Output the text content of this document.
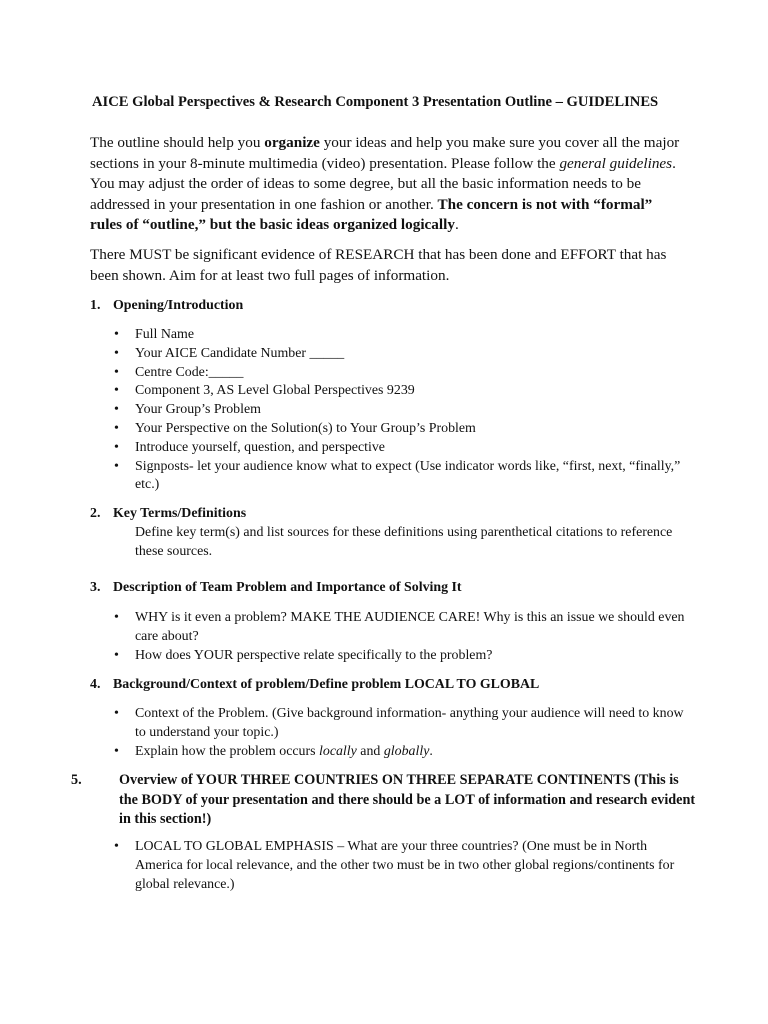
AICE Global Perspectives & Research Component 3 Presentation Outline – GUIDELINES

The outline should help you organize your ideas and help you make sure you cover all the major sections in your 8-minute multimedia (video) presentation. Please follow the general guidelines. You may adjust the order of ideas to some degree, but all the basic information needs to be addressed in your presentation in one fashion or another. The concern is not with “formal” rules of “outline,” but the basic ideas organized logically.

There MUST be significant evidence of RESEARCH that has been done and EFFORT that has been shown. Aim for at least two full pages of information.

1. Opening/Introduction
• Full Name
• Your AICE Candidate Number _____
• Centre Code:_____
• Component 3, AS Level Global Perspectives 9239
• Your Group’s Problem
• Your Perspective on the Solution(s) to Your Group’s Problem
• Introduce yourself, question, and perspective
• Signposts- let your audience know what to expect (Use indicator words like, “first, next, “finally,” etc.)
2. Key Terms/Definitions
Define key term(s) and list sources for these definitions using parenthetical citations to reference these sources.
3. Description of Team Problem and Importance of Solving It
• WHY is it even a problem? MAKE THE AUDIENCE CARE! Why is this an issue we should even care about?
• How does YOUR perspective relate specifically to the problem?
4. Background/Context of problem/Define problem LOCAL TO GLOBAL
• Context of the Problem. (Give background information- anything your audience will need to know to understand your topic.)
• Explain how the problem occurs locally and globally.
5.	Overview of YOUR THREE COUNTRIES ON THREE SEPARATE CONTINENTS (This is the BODY of your presentation and there should be a LOT of information and research evident in this section!)
• LOCAL TO GLOBAL EMPHASIS – What are your three countries? (One must be in North America for local relevance, and the other two must be in two other global regions/continents for global relevance.)
